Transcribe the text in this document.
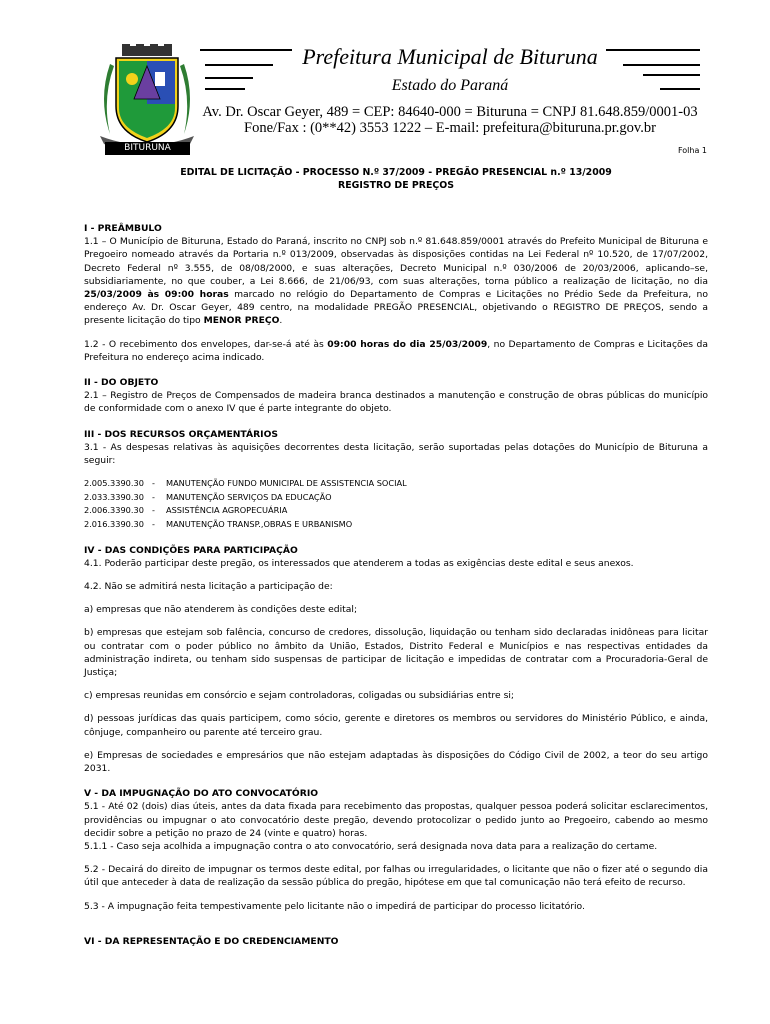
BITURUNA
Prefeitura Municipal de Bituruna
Estado do Paraná
Av. Dr. Oscar Geyer, 489 = CEP: 84640-000 = Bituruna = CNPJ 81.648.859/0001-03
Fone/Fax : (0**42) 3553 1222 – E-mail: prefeitura@bituruna.pr.gov.br
Folha 1
EDITAL DE LICITAÇÃO - PROCESSO N.º 37/2009 - PREGÃO PRESENCIAL n.º 13/2009
REGISTRO DE PREÇOS
I - PREÂMBULO

1.1 – O Município de Bituruna, Estado do Paraná, inscrito no CNPJ sob n.º 81.648.859/0001 através do Prefeito Municipal de Bituruna e Pregoeiro nomeado através da Portaria n.º 013/2009, observadas às disposições contidas na Lei Federal nº 10.520, de 17/07/2002, Decreto Federal nº 3.555, de 08/08/2000, e suas alterações, Decreto Municipal n.º 030/2006 de 20/03/2006, aplicando–se, subsidiariamente, no que couber, a Lei 8.666, de 21/06/93, com suas alterações, torna público a realização de licitação, no dia 25/03/2009 às 09:00 horas marcado no relógio do Departamento de Compras e Licitações no Prédio Sede da Prefeitura, no endereço Av. Dr. Oscar Geyer, 489 centro, na modalidade PREGÃO PRESENCIAL, objetivando o REGISTRO DE PREÇOS, sendo a presente licitação do tipo MENOR PREÇO.

1.2 - O recebimento dos envelopes, dar-se-á até às 09:00 horas do dia 25/03/2009, no Departamento de Compras e Licitações da Prefeitura no endereço acima indicado.

II - DO OBJETO

2.1 – Registro de Preços de Compensados de madeira branca destinados a manutenção e construção de obras públicas do município de conformidade com o anexo IV que é parte integrante do objeto.

III - DOS RECURSOS ORÇAMENTÁRIOS

3.1 - As despesas relativas às aquisições decorrentes desta licitação, serão suportadas pelas dotações do Município de Bituruna a seguir:

2.005.3390.30	-	MANUTENÇÃO FUNDO MUNICIPAL DE ASSISTENCIA SOCIAL
2.033.3390.30	-	MANUTENÇÃO SERVIÇOS DA EDUCAÇÃO
2.006.3390.30	-	ASSISTÊNCIA AGROPECUÁRIA
2.016.3390.30	-	MANUTENÇÃO TRANSP.,OBRAS E URBANISMO
IV - DAS CONDIÇÕES PARA PARTICIPAÇÃO

4.1. Poderão participar deste pregão, os interessados que atenderem a todas as exigências deste edital e seus anexos.

4.2. Não se admitirá nesta licitação a participação de:

a) empresas que não atenderem às condições deste edital;

b) empresas que estejam sob falência, concurso de credores, dissolução, liquidação ou tenham sido declaradas inidôneas para licitar ou contratar com o poder público no âmbito da União, Estados, Distrito Federal e Municípios e nas respectivas entidades da administração indireta, ou tenham sido suspensas de participar de licitação e impedidas de contratar com a Procuradoria-Geral de Justiça;

c) empresas reunidas em consórcio e sejam controladoras, coligadas ou subsidiárias entre si;

d) pessoas jurídicas das quais participem, como sócio, gerente e diretores os membros ou servidores do Ministério Público, e ainda, cônjuge, companheiro ou parente até terceiro grau.

e) Empresas de sociedades e empresários que não estejam adaptadas às disposições do Código Civil de 2002, a teor do seu artigo 2031.

V - DA IMPUGNAÇÃO DO ATO CONVOCATÓRIO

5.1 - Até 02 (dois) dias úteis, antes da data fixada para recebimento das propostas, qualquer pessoa poderá solicitar esclarecimentos, providências ou impugnar o ato convocatório deste pregão, devendo protocolizar o pedido junto ao Pregoeiro, cabendo ao mesmo decidir sobre a petição no prazo de 24 (vinte e quatro) horas.

5.1.1 - Caso seja acolhida a impugnação contra o ato convocatório, será designada nova data para a realização do certame.

5.2 - Decairá do direito de impugnar os termos deste edital, por falhas ou irregularidades, o licitante que não o fizer até o segundo dia útil que anteceder à data de realização da sessão pública do pregão, hipótese em que tal comunicação não terá efeito de recurso.

5.3 - A impugnação feita tempestivamente pelo licitante não o impedirá de participar do processo licitatório.

VI - DA REPRESENTAÇÃO E DO CREDENCIAMENTO
